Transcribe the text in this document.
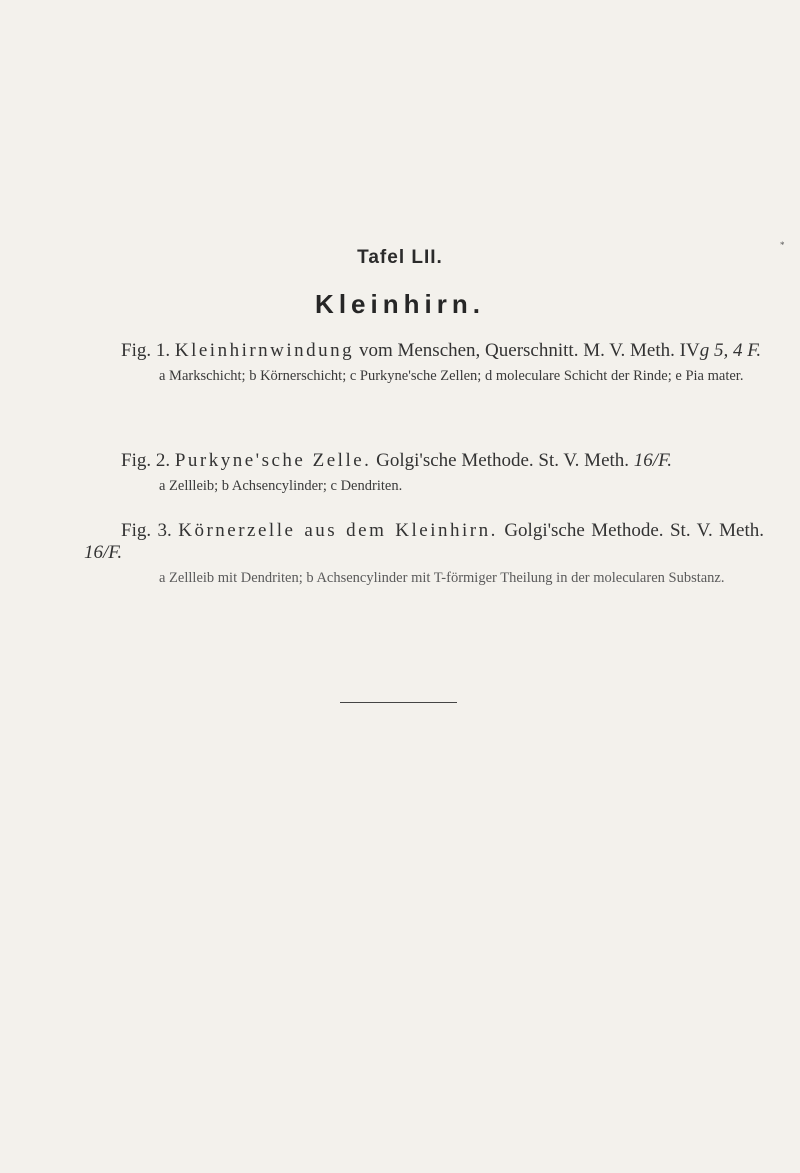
*
Tafel LII.
Kleinhirn.
Fig. 1. Kleinhirnwindung vom Menschen, Querschnitt. M. V. Meth. IVg 5, 4 F.
a Markschicht; b Körnerschicht; c Purkyne'sche Zellen; d moleculare Schicht der Rinde; e Pia mater.
Fig. 2. Purkyne'sche Zelle. Golgi'sche Methode. St. V. Meth. 16/F.
a Zellleib; b Achsencylinder; c Dendriten.
Fig. 3. Körnerzelle aus dem Kleinhirn. Golgi'sche Methode. St. V. Meth. 16/F.
a Zellleib mit Dendriten; b Achsencylinder mit T-förmiger Theilung in der molecularen Substanz.
